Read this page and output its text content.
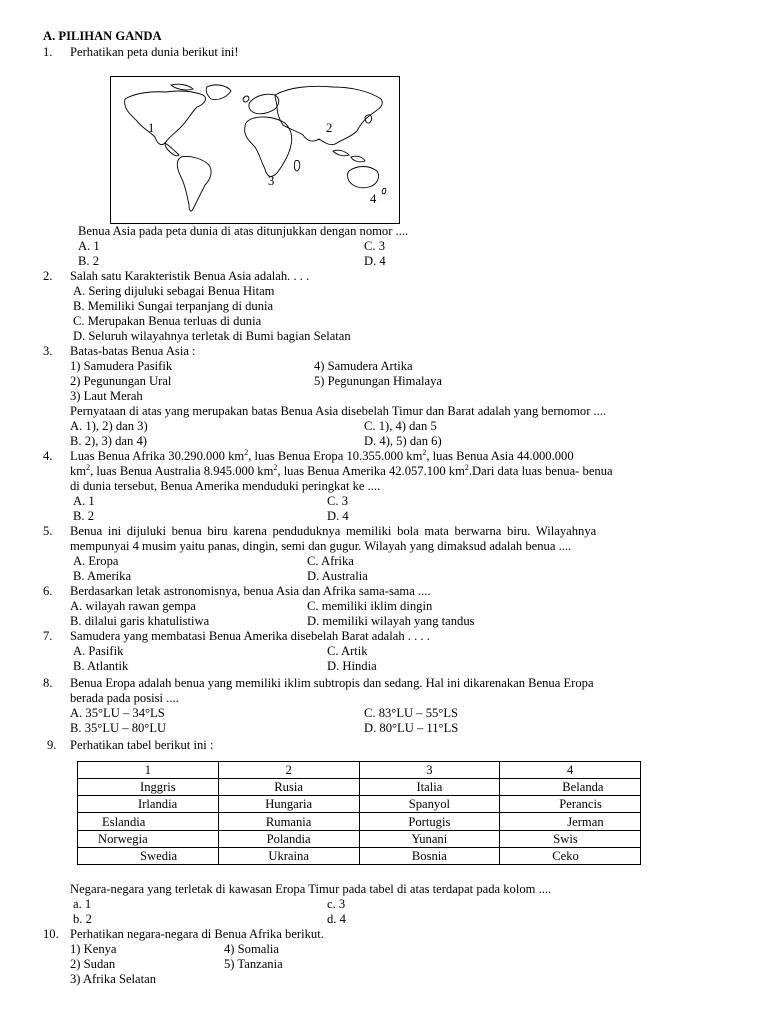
A. PILIHAN GANDA
1. Perhatikan peta dunia berikut ini!
1	2
3
4
Benua Asia pada peta dunia di atas ditunjukkan dengan nomor ....
A. 1	C. 3
B. 2	D. 4
2. Salah satu Karakteristik Benua Asia adalah. . . .
A. Sering dijuluki sebagai Benua Hitam
B. Memiliki Sungai terpanjang di dunia
C. Merupakan Benua terluas di dunia
D. Seluruh wilayahnya terletak di Bumi bagian Selatan
3. Batas-batas Benua Asia :
1) Samudera Pasifik	4) Samudera Artika
2) Pegunungan Ural	5) Pegunungan Himalaya
3) Laut Merah
Pernyataan di atas yang merupakan batas Benua Asia disebelah Timur dan Barat adalah yang bernomor ....
A. 1), 2) dan 3)	C. 1), 4) dan 5
B. 2), 3) dan 4)	D. 4), 5) dan 6)
4. Luas Benua Afrika 30.290.000 $km^2$, luas Benua Eropa 10.355.000 $km^2$, luas Benua Asia 44.000.000
$km^2$, luas Benua Australia 8.945.000 $km^2$, luas Benua Amerika 42.057.100 $km^2.Dari$ data luas benua- benua
di dunia tersebut, Benua Amerika menduduki peringkat ke ....
A. 1	C. 3
B. 2	D. 4
5. Benua ini dijuluki benua biru karena penduduknya memiliki bola mata berwarna biru. Wilayahnya
mempunyai 4 musim yaitu panas, dingin, semi dan gugur. Wilayah yang dimaksud adalah benua ....
A. Eropa	C. Afrika
B. Amerika	D. Australia
6. Berdasarkan letak astronomisnya, benua Asia dan Afrika sama-sama ....
A. wilayah rawan gempa	C. memiliki iklim dingin
B. dilalui garis khatulistiwa	D. memiliki wilayah yang tandus
7. Samudera yang membatasi Benua Amerika disebelah Barat adalah . . . .
A. Pasifik	C. Artik
B. Atlantik	D. Hindia
8. Benua Eropa adalah benua yang memiliki iklim subtropis dan sedang. Hal ini dikarenakan Benua Eropa
berada pada posisi ....
A. 35°LU – 34°LS	C. 83°LU – 55°LS
B. 35°LU – 80°LU	D. 80°LU – 11°LS
9. Perhatikan tabel berikut ini :
1	2	3	4
Inggris	Rusia	Italia	Belanda
Irlandia	Hungaria	Spanyol	Perancis
Eslandia	Rumania	Portugis	Jerman
Norwegia	Polandia	Yunani	Swis
Swedia	Ukraina	Bosnia	Ceko
Negara-negara yang terletak di kawasan Eropa Timur pada tabel di atas terdapat pada kolom ....
a. 1	c. 3
b. 2	d. 4
10. Perhatikan negara-negara di Benua Afrika berikut.
1) Kenya	4) Somalia
2) Sudan	5) Tanzania
3) Afrika Selatan
